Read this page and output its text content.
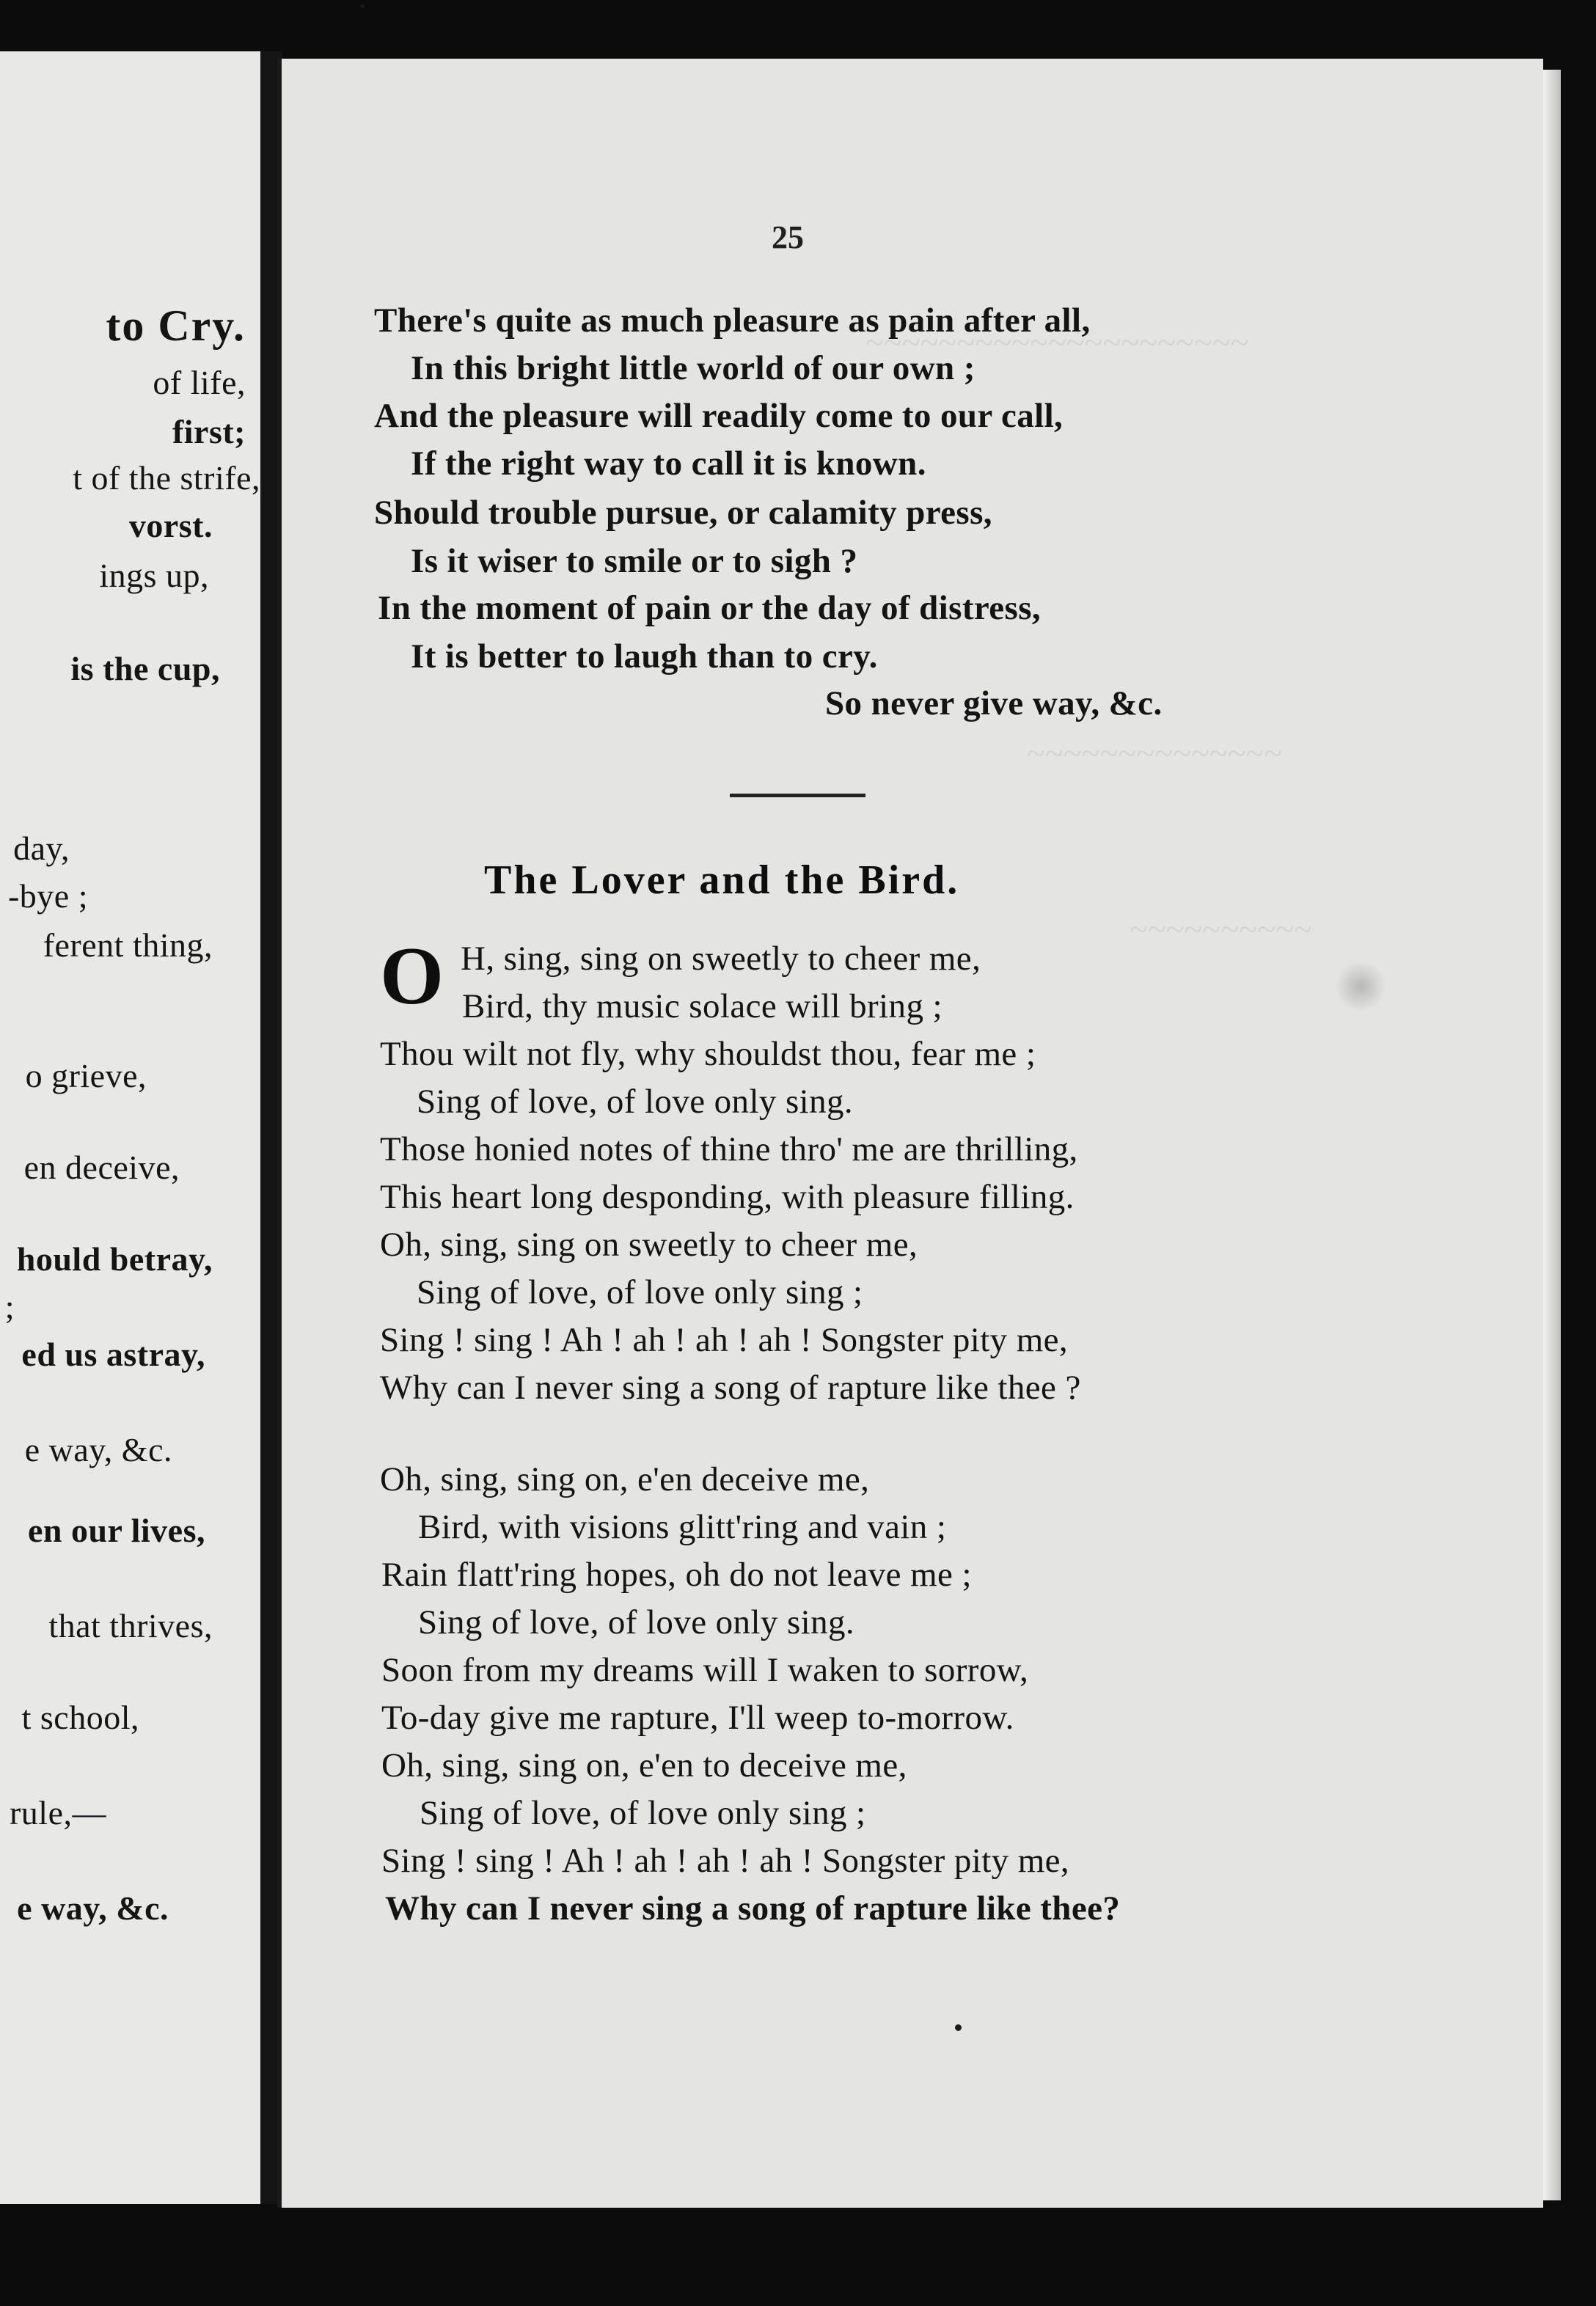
to Cry.
of life,
first;
t of the strife,
vorst.
ings up,
is the cup,
day,
-bye ;
ferent thing,
o grieve,
en deceive,
hould betray,
;
ed us astray,
e way, &c.
en our lives,
that thrives,
t school,
rule,—
e way, &c.
~~~~~~~~~~~~~~~~~~~~~
~~~~~~~~~~~~~~
~~~~~~~~~~
25
There's quite as much pleasure as pain after all,
In this bright little world of our own ;
And the pleasure will readily come to our call,
If the right way to call it is known.
Should trouble pursue, or calamity press,
Is it wiser to smile or to sigh ?
In the moment of pain or the day of distress,
It is better to laugh than to cry.
So never give way, &c.
The Lover and the Bird.
O H, sing, sing on sweetly to cheer me,
Bird, thy music solace will bring ;
Thou wilt not fly, why shouldst thou, fear me ;
Sing of love, of love only sing.
Those honied notes of thine thro' me are thrilling,
This heart long desponding, with pleasure filling.
Oh, sing, sing on sweetly to cheer me,
Sing of love, of love only sing ;
Sing ! sing ! Ah ! ah ! ah ! ah ! Songster pity me,
Why can I never sing a song of rapture like thee ?
Oh, sing, sing on, e'en deceive me,
Bird, with visions glitt'ring and vain ;
Rain flatt'ring hopes, oh do not leave me ;
Sing of love, of love only sing.
Soon from my dreams will I waken to sorrow,
To-day give me rapture, I'll weep to-morrow.
Oh, sing, sing on, e'en to deceive me,
Sing of love, of love only sing ;
Sing ! sing ! Ah ! ah ! ah ! ah ! Songster pity me,
Why can I never sing a song of rapture like thee?
